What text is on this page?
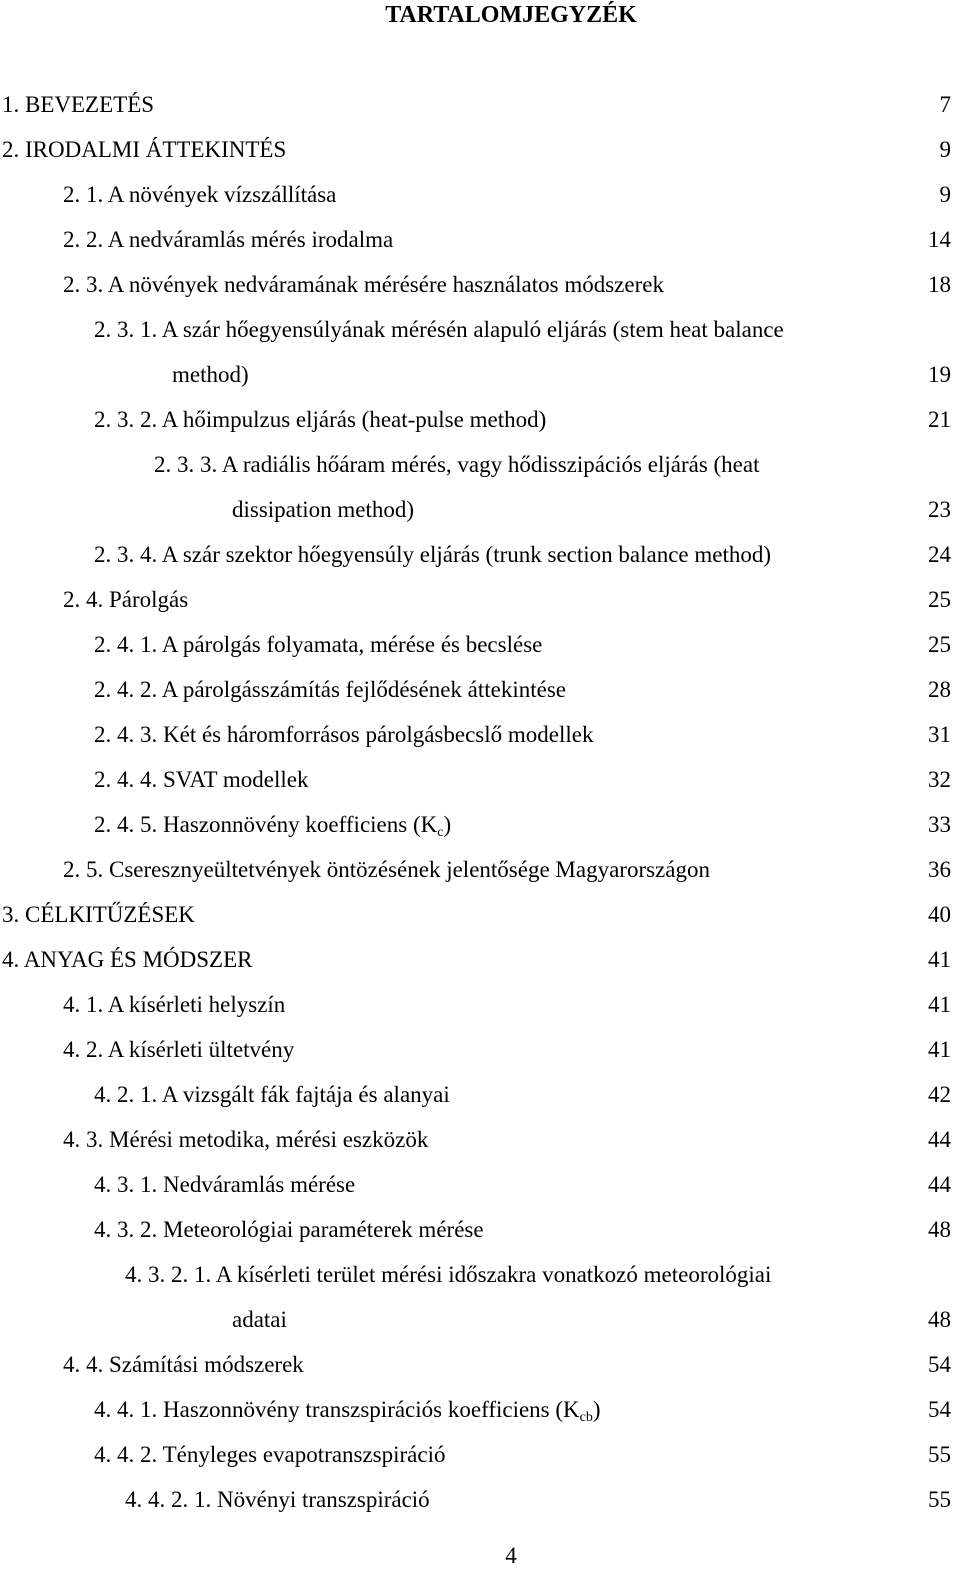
TARTALOMJEGYZÉK
1. BEVEZETÉS	7
2. IRODALMI ÁTTEKINTÉS	9
2. 1. A növények vízszállítása	9
2. 2. A nedváramlás mérés irodalma	14
2. 3. A növények nedváramának mérésére használatos módszerek	18
2. 3. 1. A szár hőegyensúlyának mérésén alapuló eljárás (stem heat balance
method)	19
2. 3. 2. A hőimpulzus eljárás (heat-pulse method)	21
2. 3. 3. A radiális hőáram mérés, vagy hődisszipációs eljárás (heat
dissipation method)	23
2. 3. 4. A szár szektor hőegyensúly eljárás (trunk section balance method)	24
2. 4. Párolgás	25
2. 4. 1. A párolgás folyamata, mérése és becslése	25
2. 4. 2. A párolgásszámítás fejlődésének áttekintése	28
2. 4. 3. Két és háromforrásos párolgásbecslő modellek	31
2. 4. 4. SVAT modellek	32
2. 4. 5. Haszonnövény koefficiens $(K_c)$	33
2. 5. Cseresznyeültetvények öntözésének jelentősége Magyarországon	36
3. CÉLKITŰZÉSEK	40
4. ANYAG ÉS MÓDSZER	41
4. 1. A kísérleti helyszín	41
4. 2. A kísérleti ültetvény	41
4. 2. 1. A vizsgált fák fajtája és alanyai	42
4. 3. Mérési metodika, mérési eszközök	44
4. 3. 1. Nedváramlás mérése	44
4. 3. 2. Meteorológiai paraméterek mérése	48
4. 3. 2. 1. A kísérleti terület mérési időszakra vonatkozó meteorológiai
adatai	48
4. 4. Számítási módszerek	54
4. 4. 1. Haszonnövény transzspirációs koefficiens $(K_{cb})$	54
4. 4. 2. Tényleges evapotranszspiráció	55
4. 4. 2. 1. Növényi transzspiráció	55
4
